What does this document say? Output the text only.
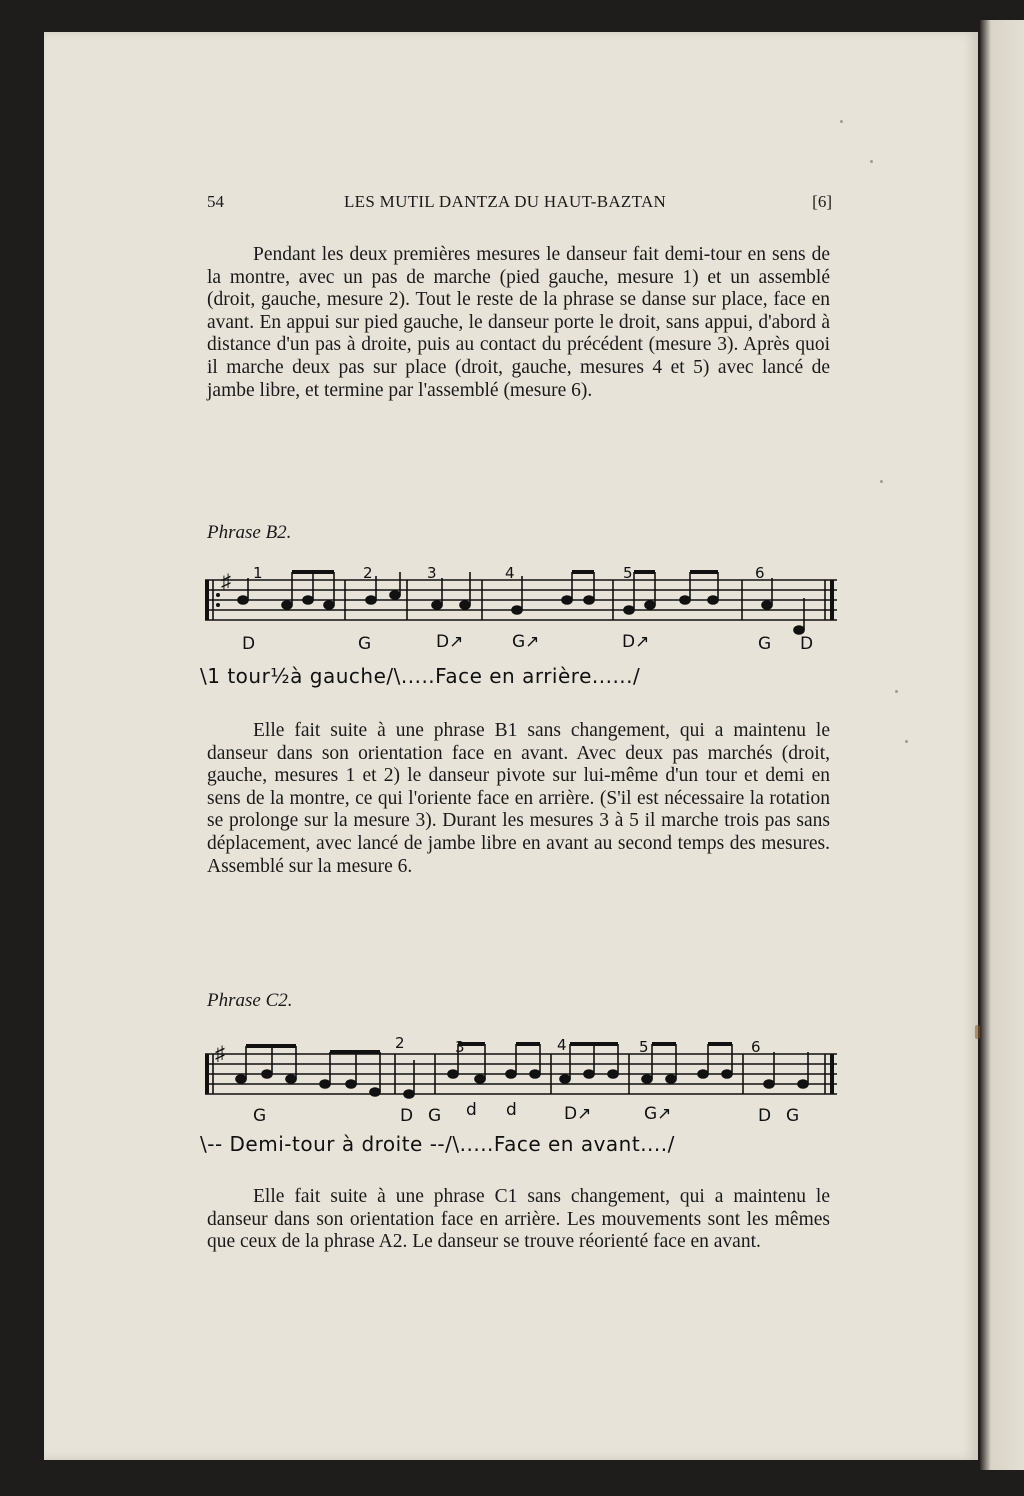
54	LES MUTIL DANTZA DU HAUT-BAZTAN	[6]

Pendant les deux premières mesures le danseur fait demi-tour en sens de la montre, avec un pas de marche (pied gauche, mesure 1) et un assemblé (droit, gauche, mesure 2). Tout le reste de la phrase se danse sur place, face en avant. En appui sur pied gauche, le danseur porte le droit, sans appui, d'abord à distance d'un pas à droite, puis au contact du précédent (mesure 3). Après quoi il marche deux pas sur place (droit, gauche, mesures 4 et 5) avec lancé de jambe libre, et termine par l'assemblé (mesure 6).

Phrase B2.
♯ 1	2	3	4	5	6
D	G	D↗	G↗	D↗	G D
\1 tour½à gauche/\.....Face en arrière....../

Elle fait suite à une phrase B1 sans changement, qui a maintenu le danseur dans son orientation face en avant. Avec deux pas marchés (droit, gauche, mesures 1 et 2) le danseur pivote sur lui-même d'un tour et demi en sens de la montre, ce qui l'oriente face en arrière. (S'il est nécessaire la rotation se prolonge sur la mesure 3). Durant les mesures 3 à 5 il marche trois pas sans déplacement, avec lancé de jambe libre en avant au second temps des mesures. Assemblé sur la mesure 6.

Phrase C2.
♯	2	3	4	5	6
G	D G d d	D↗	G↗	D G
\-- Demi-tour à droite --/\.....Face en avant..../

Elle fait suite à une phrase C1 sans changement, qui a maintenu le danseur dans son orientation face en arrière. Les mouvements sont les mêmes que ceux de la phrase A2. Le danseur se trouve réorienté face en avant.
